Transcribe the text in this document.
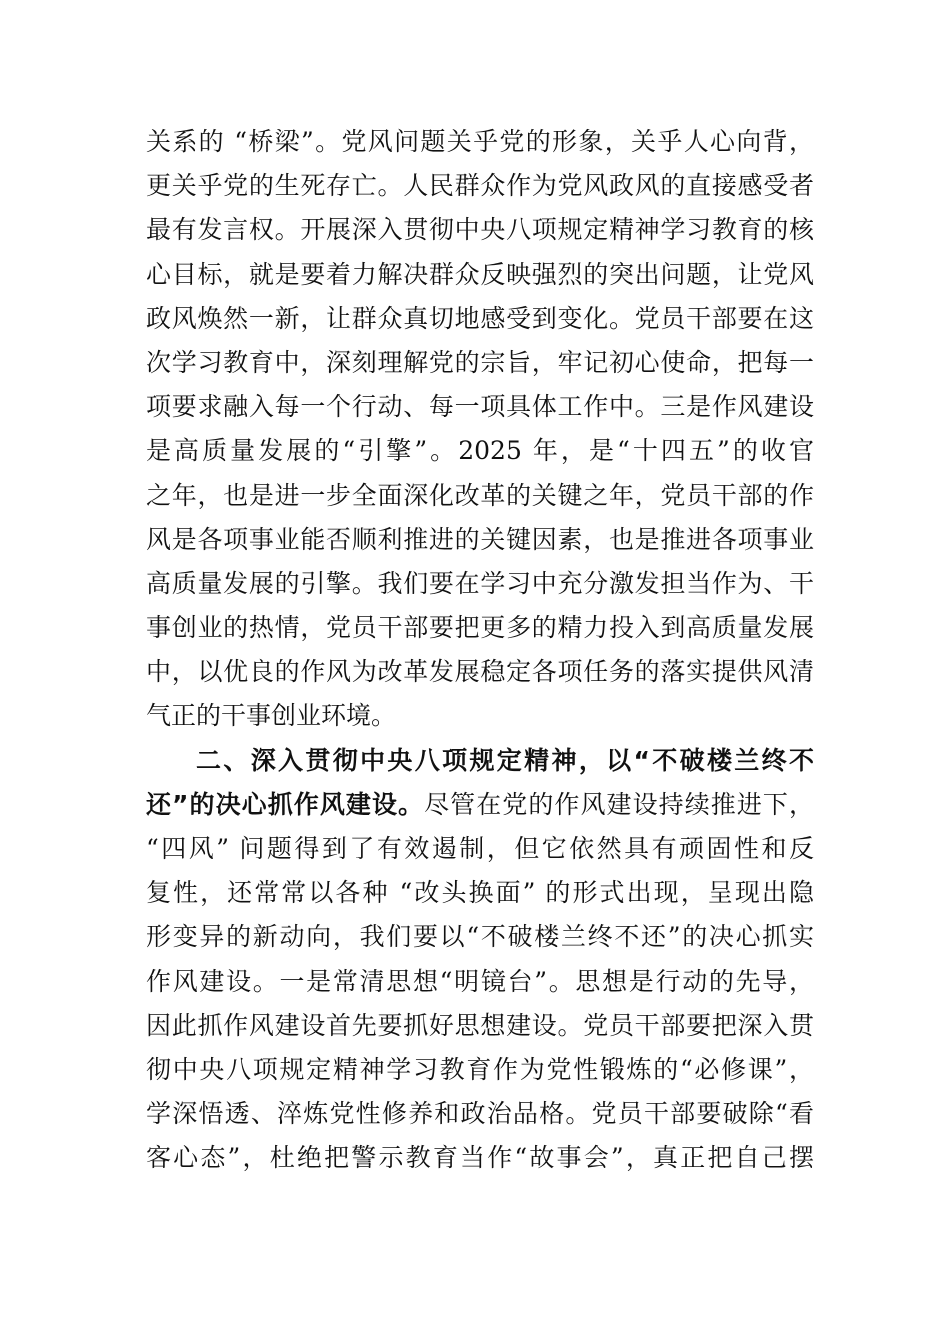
关系的 “桥梁”。党风问题关乎党的形象，关乎人心向背，
更关乎党的生死存亡。人民群众作为党风政风的直接感受者
最有发言权。开展深入贯彻中央八项规定精神学习教育的核
心目标，就是要着力解决群众反映强烈的突出问题，让党风
政风焕然一新，让群众真切地感受到变化。党员干部要在这
次学习教育中，深刻理解党的宗旨，牢记初心使命，把每一
项要求融入每一个行动、每一项具体工作中。三是作风建设
是高质量发展的“引擎”。2025 年，是“十四五”的收官
之年，也是进一步全面深化改革的关键之年，党员干部的作
风是各项事业能否顺利推进的关键因素，也是推进各项事业
高质量发展的引擎。我们要在学习中充分激发担当作为、干
事创业的热情，党员干部要把更多的精力投入到高质量发展
中，以优良的作风为改革发展稳定各项任务的落实提供风清
气正的干事创业环境。
二、深入贯彻中央八项规定精神，以“不破楼兰终不
还”的决心抓作风建设。尽管在党的作风建设持续推进下，
“四风” 问题得到了有效遏制，但它依然具有顽固性和反
复性，还常常以各种 “改头换面” 的形式出现，呈现出隐
形变异的新动向，我们要以“不破楼兰终不还”的决心抓实
作风建设。一是常清思想“明镜台”。思想是行动的先导，
因此抓作风建设首先要抓好思想建设。党员干部要把深入贯
彻中央八项规定精神学习教育作为党性锻炼的“必修课”，
学深悟透、淬炼党性修养和政治品格。党员干部要破除“看
客心态”，杜绝把警示教育当作“故事会”，真正把自己摆
